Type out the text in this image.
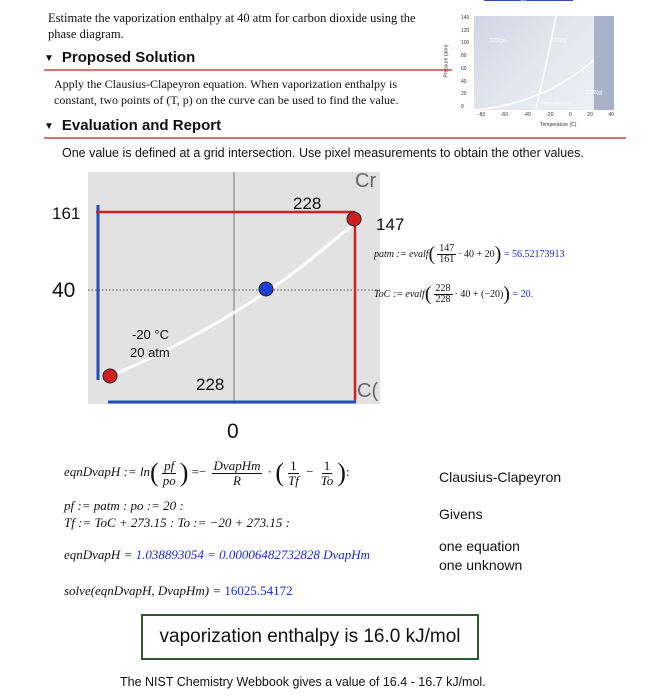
Estimate the vaporization enthalpy at 40 atm for carbon dioxide using the
phase diagram.
▼ Proposed Solution
Apply the Clausius-Clapeyron equation. When vaporization enthalpy is
constant, two points of (T, p) on the curve can be used to find the value.
▼ Evaluation and Report
Pressure (atm)
140
120
100
80
60
40
20
0
CO2(s)	CO2(l)
CO2(g)
Supercritical CO2
-80	-60	-40	-20	0	20	40
Temperature (C)
One value is defined at a grid intersection. Use pixel measurements to obtain the other values.
161
40
228
147
228
0
-20 °C
20 atm
Cr
C(
patm := evalf( $\frac{147}{161} \cdot 40 + 20) = 56.52173913$
ToC := evalf( $\frac{228}{228} \cdot 40 + (-20)) = 20$.
eqnDvapH := $\ln( \frac{pf}{po}$ ) =− $\frac{\text{DvapHm}}{R}$ · ( $\frac{1}{Tf} - \frac{1}{To}$ ):
pf := patm : po := 20 :
Tf := ToC + 273.15 : To := −20 + 273.15 :
eqnDvapH = 1.038893054 = 0.00006482732828 DvapHm
solve(eqnDvapH, DvapHm) = 16025.54172
Clausius-Clapeyron
Givens
one equation
one unknown
vaporization enthalpy is 16.0 kJ/mol
The NIST Chemistry Webbook gives a value of 16.4 - 16.7 kJ/mol.
